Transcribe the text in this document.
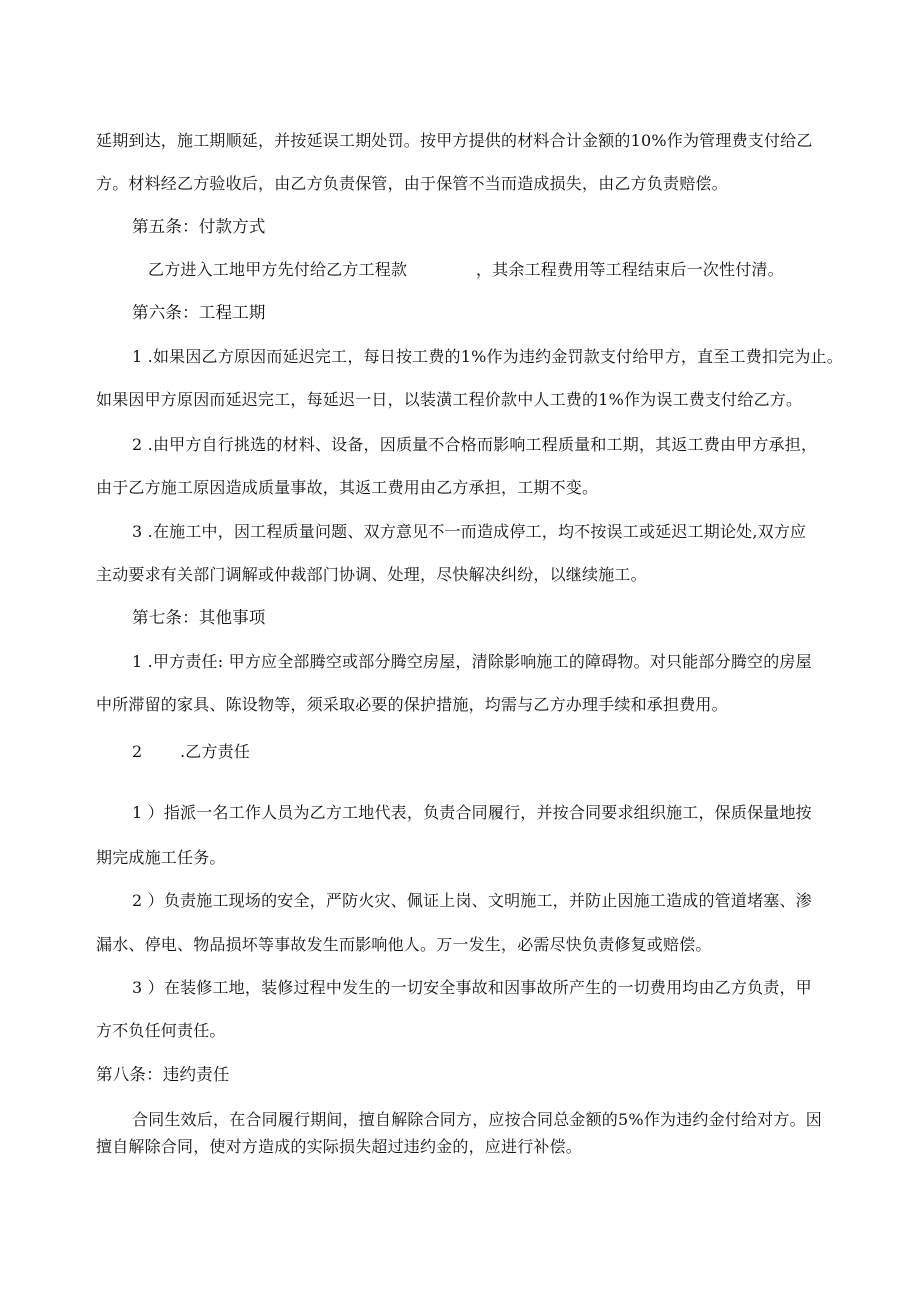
延期到达，施工期顺延，并按延误工期处罚。按甲方提供的材料合计金额的10%作为管理费支付给乙
方。材料经乙方验收后，由乙方负责保管，由于保管不当而造成损失，由乙方负责赔偿。
第五条：付款方式
乙方进入工地甲方先付给乙方工程款	，其余工程费用等工程结束后一次性付清。
第六条：工程工期
1 .如果因乙方原因而延迟完工，每日按工费的1%作为违约金罚款支付给甲方，直至工费扣完为止。
如果因甲方原因而延迟完工，每延迟一日，以装潢工程价款中人工费的1%作为误工费支付给乙方。
2 .由甲方自行挑选的材料、设备，因质量不合格而影响工程质量和工期，其返工费由甲方承担，
由于乙方施工原因造成质量事故，其返工费用由乙方承担，工期不变。
3 .在施工中，因工程质量问题、双方意见不一而造成停工，均不按误工或延迟工期论处,双方应
主动要求有关部门调解或仲裁部门协调、处理，尽快解决纠纷，以继续施工。
第七条：其他事项
1 .甲方责任: 甲方应全部腾空或部分腾空房屋，清除影响施工的障碍物。对只能部分腾空的房屋
中所滞留的家具、陈设物等，须采取必要的保护措施，均需与乙方办理手续和承担费用。
2 .乙方责任
1 ）指派一名工作人员为乙方工地代表，负责合同履行，并按合同要求组织施工，保质保量地按
期完成施工任务。
2 ）负责施工现场的安全，严防火灾、佩证上岗、文明施工，并防止因施工造成的管道堵塞、渗
漏水、停电、物品损坏等事故发生而影响他人。万一发生，必需尽快负责修复或赔偿。
3 ）在装修工地，装修过程中发生的一切安全事故和因事故所产生的一切费用均由乙方负责，甲
方不负任何责任。
第八条：违约责任
合同生效后，在合同履行期间，擅自解除合同方，应按合同总金额的5%作为违约金付给对方。因
擅自解除合同，使对方造成的实际损失超过违约金的，应进行补偿。
